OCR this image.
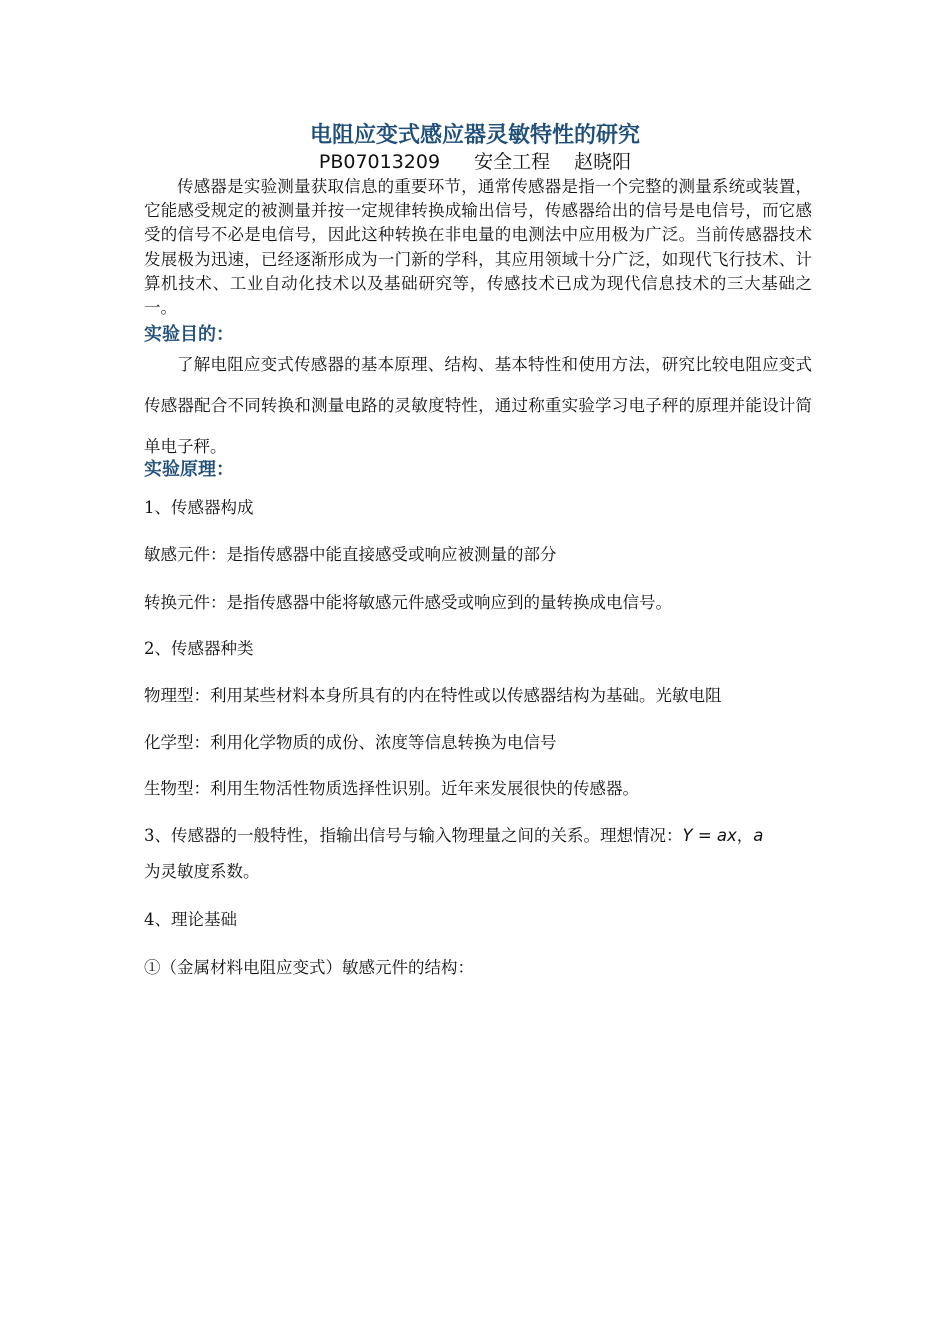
电阻应变式感应器灵敏特性的研究
PB07013209 安全工程 赵晓阳
传感器是实验测量获取信息的重要环节，通常传感器是指一个完整的测量系统或装置，它能感受规定的被测量并按一定规律转换成输出信号，传感器给出的信号是电信号，而它感受的信号不必是电信号，因此这种转换在非电量的电测法中应用极为广泛。当前传感器技术发展极为迅速，已经逐渐形成为一门新的学科，其应用领域十分广泛，如现代飞行技术、计算机技术、工业自动化技术以及基础研究等，传感技术已成为现代信息技术的三大基础之一。
实验目的：
了解电阻应变式传感器的基本原理、结构、基本特性和使用方法，研究比较电阻应变式传感器配合不同转换和测量电路的灵敏度特性，通过称重实验学习电子秤的原理并能设计简单电子秤。
实验原理：
1、传感器构成
敏感元件：是指传感器中能直接感受或响应被测量的部分
转换元件：是指传感器中能将敏感元件感受或响应到的量转换成电信号。
2、传感器种类
物理型：利用某些材料本身所具有的内在特性或以传感器结构为基础。光敏电阻
化学型：利用化学物质的成份、浓度等信息转换为电信号
生物型：利用生物活性物质选择性识别。近年来发展很快的传感器。
3、传感器的一般特性，指输出信号与输入物理量之间的关系。理想情况：Y = ax，a
为灵敏度系数。
4、理论基础
①（金属材料电阻应变式）敏感元件的结构：
